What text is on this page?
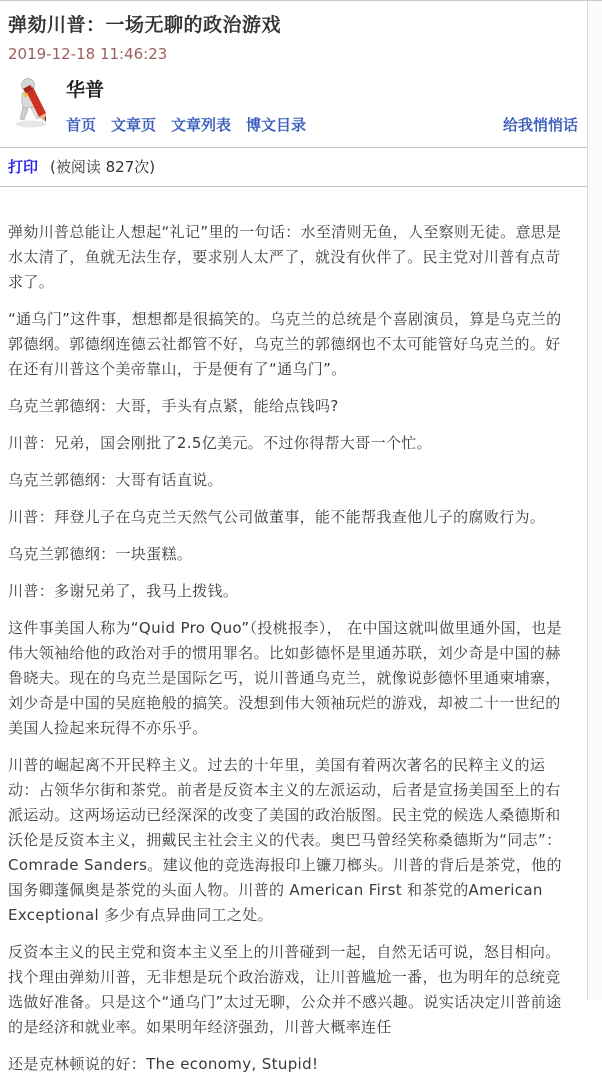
弹劾川普：一场无聊的政治游戏
2019-12-18 11:46:23
华普
首页 文章页 文章列表 博文目录	给我悄悄话
打印 (被阅读 827次)

弹劾川普总能让人想起“礼记”里的一句话：水至清则无鱼，人至察则无徒。意思是水太清了，鱼就无法生存，要求别人太严了，就没有伙伴了。民主党对川普有点苛求了。

“通乌门”这件事，想想都是很搞笑的。乌克兰的总统是个喜剧演员，算是乌克兰的郭德纲。郭德纲连德云社都管不好，乌克兰的郭德纲也不太可能管好乌克兰的。好在还有川普这个美帝靠山，于是便有了“通乌门”。

乌克兰郭德纲：大哥，手头有点紧，能给点钱吗?

川普：兄弟，国会刚批了2.5亿美元。不过你得帮大哥一个忙。

乌克兰郭德纲：大哥有话直说。

川普：拜登儿子在乌克兰天然气公司做董事，能不能帮我查他儿子的腐败行为。

乌克兰郭德纲：一块蛋糕。

川普：多谢兄弟了，我马上拨钱。

这件事美国人称为“Quid Pro Quo”（投桃报李）， 在中国这就叫做里通外国，也是伟大领袖给他的政治对手的惯用罪名。比如彭德怀是里通苏联，刘少奇是中国的赫鲁晓夫。现在的乌克兰是国际乞丐，说川普通乌克兰，就像说彭德怀里通柬埔寨，刘少奇是中国的吴庭艳般的搞笑。没想到伟大领袖玩烂的游戏，却被二十一世纪的美国人捡起来玩得不亦乐乎。

川普的崛起离不开民粹主义。过去的十年里，美国有着两次著名的民粹主义的运动：占领华尔街和茶党。前者是反资本主义的左派运动，后者是宣扬美国至上的右派运动。这两场运动已经深深的改变了美国的政治版图。民主党的候选人桑德斯和沃伦是反资本主义，拥戴民主社会主义的代表。奥巴马曾经笑称桑德斯为“同志”：Comrade Sanders。建议他的竞选海报印上镰刀榔头。川普的背后是茶党，他的国务卿蓬佩奥是茶党的头面人物。川普的 American First 和茶党的American Exceptional 多少有点异曲同工之处。

反资本主义的民主党和资本主义至上的川普碰到一起，自然无话可说，怒目相向。找个理由弹劾川普，无非想是玩个政治游戏，让川普尴尬一番，也为明年的总统竞选做好准备。只是这个“通乌门”太过无聊，公众并不感兴趣。说实话决定川普前途的是经济和就业率。如果明年经济强劲，川普大概率连任

还是克林顿说的好：The economy, Stupid!
